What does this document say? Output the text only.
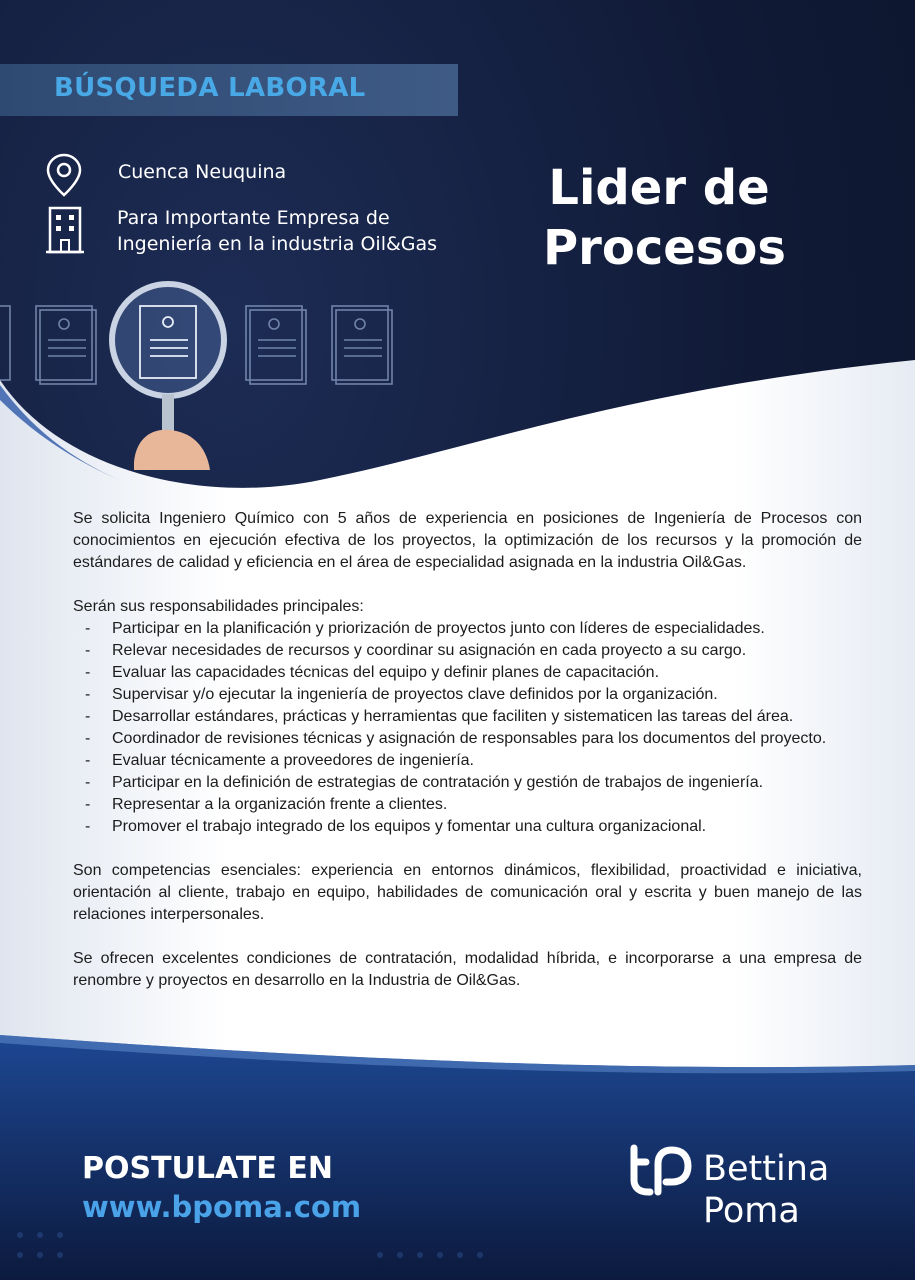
BÚSQUEDA LABORAL
Cuenca Neuquina
Para Importante Empresa de
Ingeniería en la industria Oil&Gas
Lider de
Procesos

Se solicita Ingeniero Químico con 5 años de experiencia en posiciones de Ingeniería de Procesos con conocimientos en ejecución efectiva de los proyectos, la optimización de los recursos y la promoción de estándares de calidad y eficiencia en el área de especialidad asignada en la industria Oil&Gas.

Serán sus responsabilidades principales:

- Participar en la planificación y priorización de proyectos junto con líderes de especialidades.
- Relevar necesidades de recursos y coordinar su asignación en cada proyecto a su cargo.
- Evaluar las capacidades técnicas del equipo y definir planes de capacitación.
- Supervisar y/o ejecutar la ingeniería de proyectos clave definidos por la organización.
- Desarrollar estándares, prácticas y herramientas que faciliten y sistematicen las tareas del área.
- Coordinador de revisiones técnicas y asignación de responsables para los documentos del proyecto.
- Evaluar técnicamente a proveedores de ingeniería.
- Participar en la definición de estrategias de contratación y gestión de trabajos de ingeniería.
- Representar a la organización frente a clientes.
- Promover el trabajo integrado de los equipos y fomentar una cultura organizacional.

Son competencias esenciales: experiencia en entornos dinámicos, flexibilidad, proactividad e iniciativa, orientación al cliente, trabajo en equipo, habilidades de comunicación oral y escrita y buen manejo de las relaciones interpersonales.

Se ofrecen excelentes condiciones de contratación, modalidad híbrida, e incorporarse a una empresa de renombre y proyectos en desarrollo en la Industria de Oil&Gas.

POSTULATE EN
www.bpoma.com
Bettina
Poma
